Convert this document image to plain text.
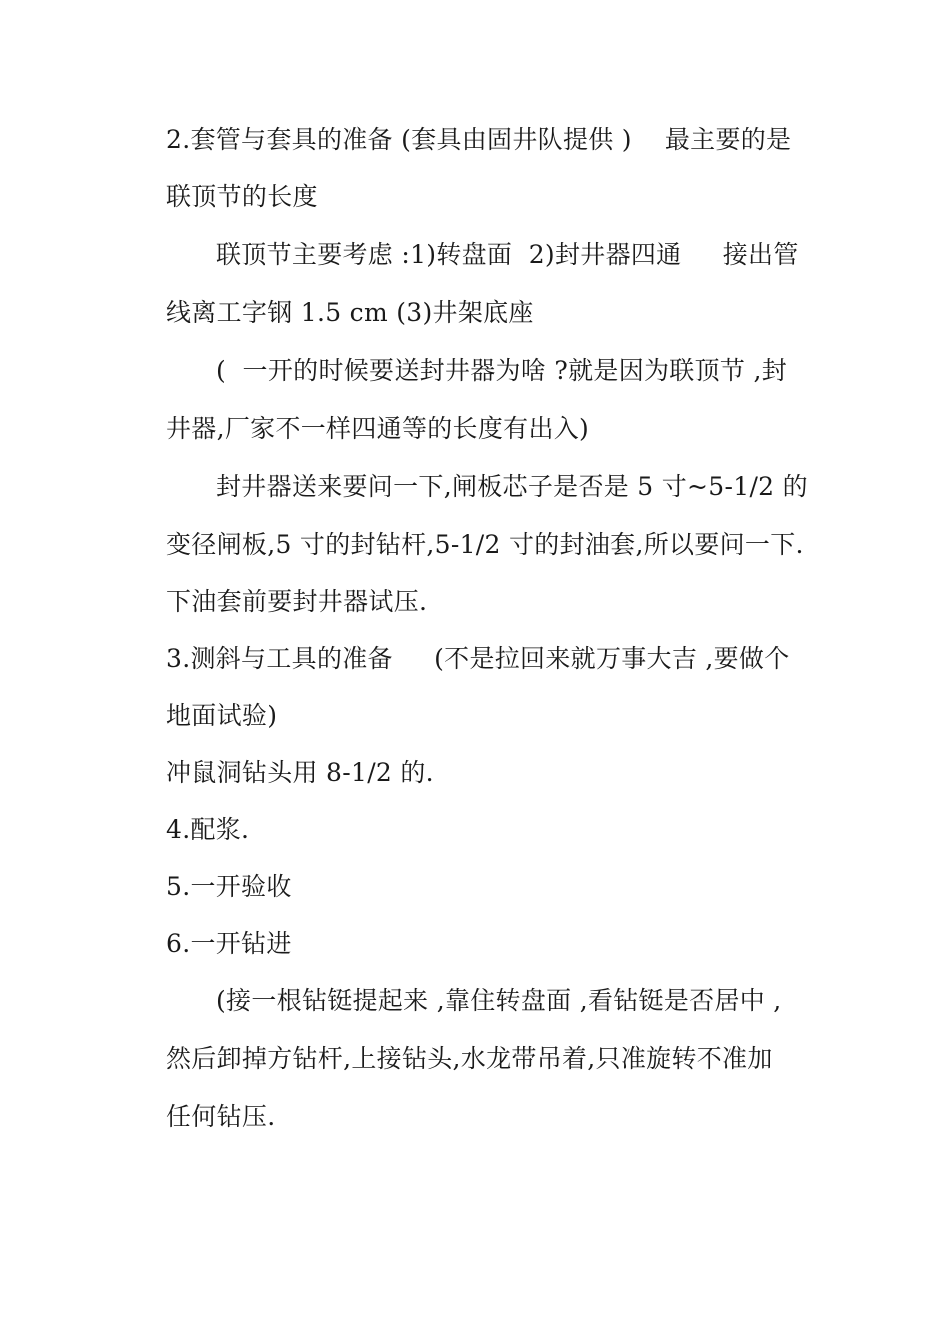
2.套管与套具的准备 (套具由固井队提供 )    最主要的是
联顶节的长度
联顶节主要考虑 :1)转盘面  2)封井器四通     接出管
线离工字钢 1.5 cm (3)井架底座
(  一开的时候要送封井器为啥 ?就是因为联顶节 ,封
井器,厂家不一样四通等的长度有出入)
封井器送来要问一下,闸板芯子是否是 5 寸~5-1/2 的
变径闸板,5 寸的封钻杆,5-1/2 寸的封油套,所以要问一下.
下油套前要封井器试压.
3.测斜与工具的准备     (不是拉回来就万事大吉 ,要做个
地面试验)
冲鼠洞钻头用 8-1/2 的.
4.配浆.
5.一开验收
6.一开钻进
(接一根钻铤提起来 ,靠住转盘面 ,看钻铤是否居中 ,
然后卸掉方钻杆,上接钻头,水龙带吊着,只准旋转不准加
任何钻压.
